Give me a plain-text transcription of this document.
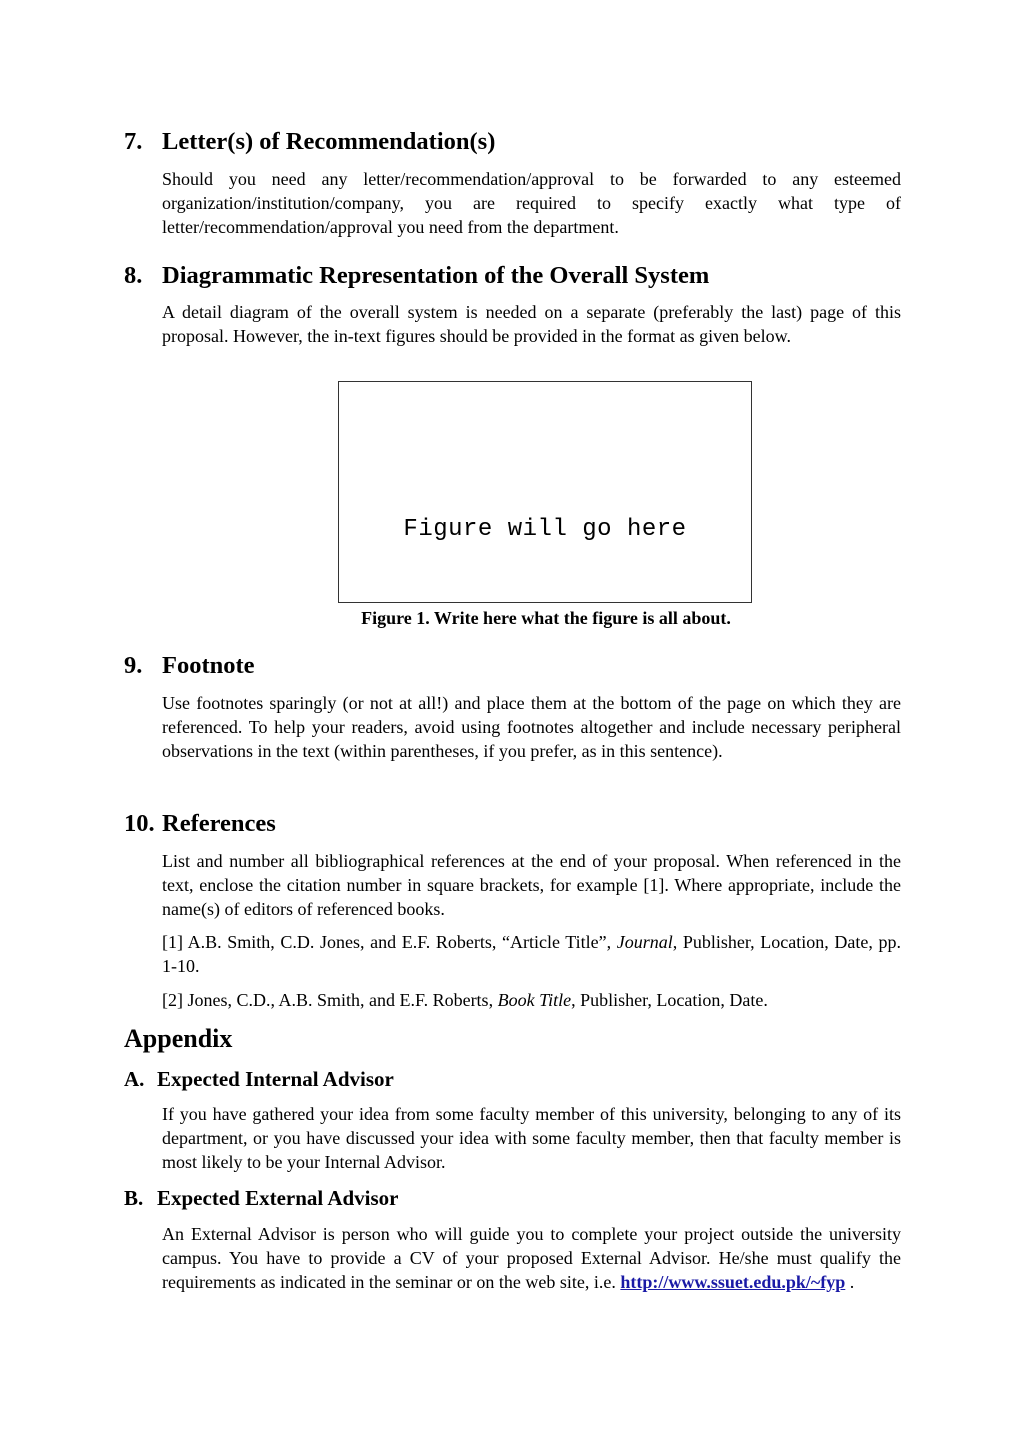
7. Letter(s) of Recommendation(s)

Should you need any letter/recommendation/approval to be forwarded to any esteemed organization/institution/company, you are required to specify exactly what type of letter/recommendation/approval you need from the department.

8. Diagrammatic Representation of the Overall System

A detail diagram of the overall system is needed on a separate (preferably the last) page of this proposal. However, the in-text figures should be provided in the format as given below.

Figure will go here
Figure 1. Write here what the figure is all about.
9. Footnote

Use footnotes sparingly (or not at all!) and place them at the bottom of the page on which they are referenced. To help your readers, avoid using footnotes altogether and include necessary peripheral observations in the text (within parentheses, if you prefer, as in this sentence).

10. References

List and number all bibliographical references at the end of your proposal. When referenced in the text, enclose the citation number in square brackets, for example [1]. Where appropriate, include the name(s) of editors of referenced books.

[1] A.B. Smith, C.D. Jones, and E.F. Roberts, “Article Title”, Journal, Publisher, Location, Date, pp. 1-10.

[2] Jones, C.D., A.B. Smith, and E.F. Roberts, Book Title, Publisher, Location, Date.

Appendix
A. Expected Internal Advisor

If you have gathered your idea from some faculty member of this university, belonging to any of its department, or you have discussed your idea with some faculty member, then that faculty member is most likely to be your Internal Advisor.

B. Expected External Advisor

An External Advisor is person who will guide you to complete your project outside the university campus. You have to provide a CV of your proposed External Advisor. He/she must qualify the requirements as indicated in the seminar or on the web site, i.e. http://www.ssuet.edu.pk/~fyp .
